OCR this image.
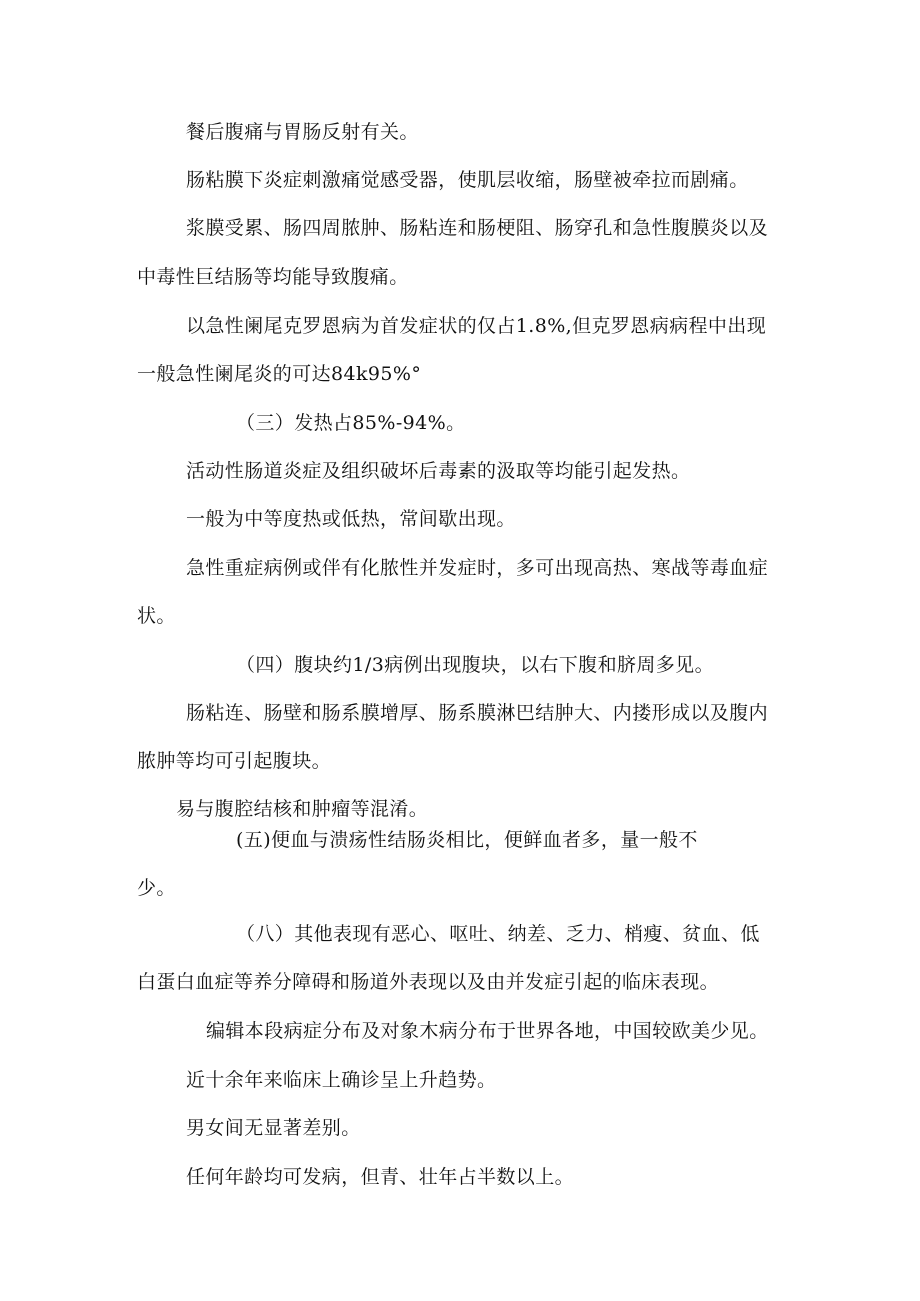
餐后腹痛与胃肠反射有关。
肠粘膜下炎症刺激痛觉感受器，使肌层收缩，肠壁被牵拉而剧痛。
浆膜受累、肠四周脓肿、肠粘连和肠梗阻、肠穿孔和急性腹膜炎以及
中毒性巨结肠等均能导致腹痛。
以急性阑尾克罗恩病为首发症状的仅占1.8%,但克罗恩病病程中出现
一般急性阑尾炎的可达84k95%°
（三）发热占85%-94%。
活动性肠道炎症及组织破坏后毒素的汲取等均能引起发热。
一般为中等度热或低热，常间歇出现。
急性重症病例或伴有化脓性并发症时，多可出现高热、寒战等毒血症
状。
（四）腹块约1/3病例出现腹块，以右下腹和脐周多见。
肠粘连、肠壁和肠系膜增厚、肠系膜淋巴结肿大、内搂形成以及腹内
脓肿等均可引起腹块。
易与腹腔结核和肿瘤等混淆。
(五)便血与溃疡性结肠炎相比，便鲜血者多，量一般不
少。
（八）其他表现有恶心、呕吐、纳差、乏力、梢瘦、贫血、低
白蛋白血症等养分障碍和肠道外表现以及由并发症引起的临床表现。
编辑本段病症分布及对象木病分布于世界各地，中国较欧美少见。
近十余年来临床上确诊呈上升趋势。
男女间无显著差别。
任何年龄均可发病，但青、壮年占半数以上。
